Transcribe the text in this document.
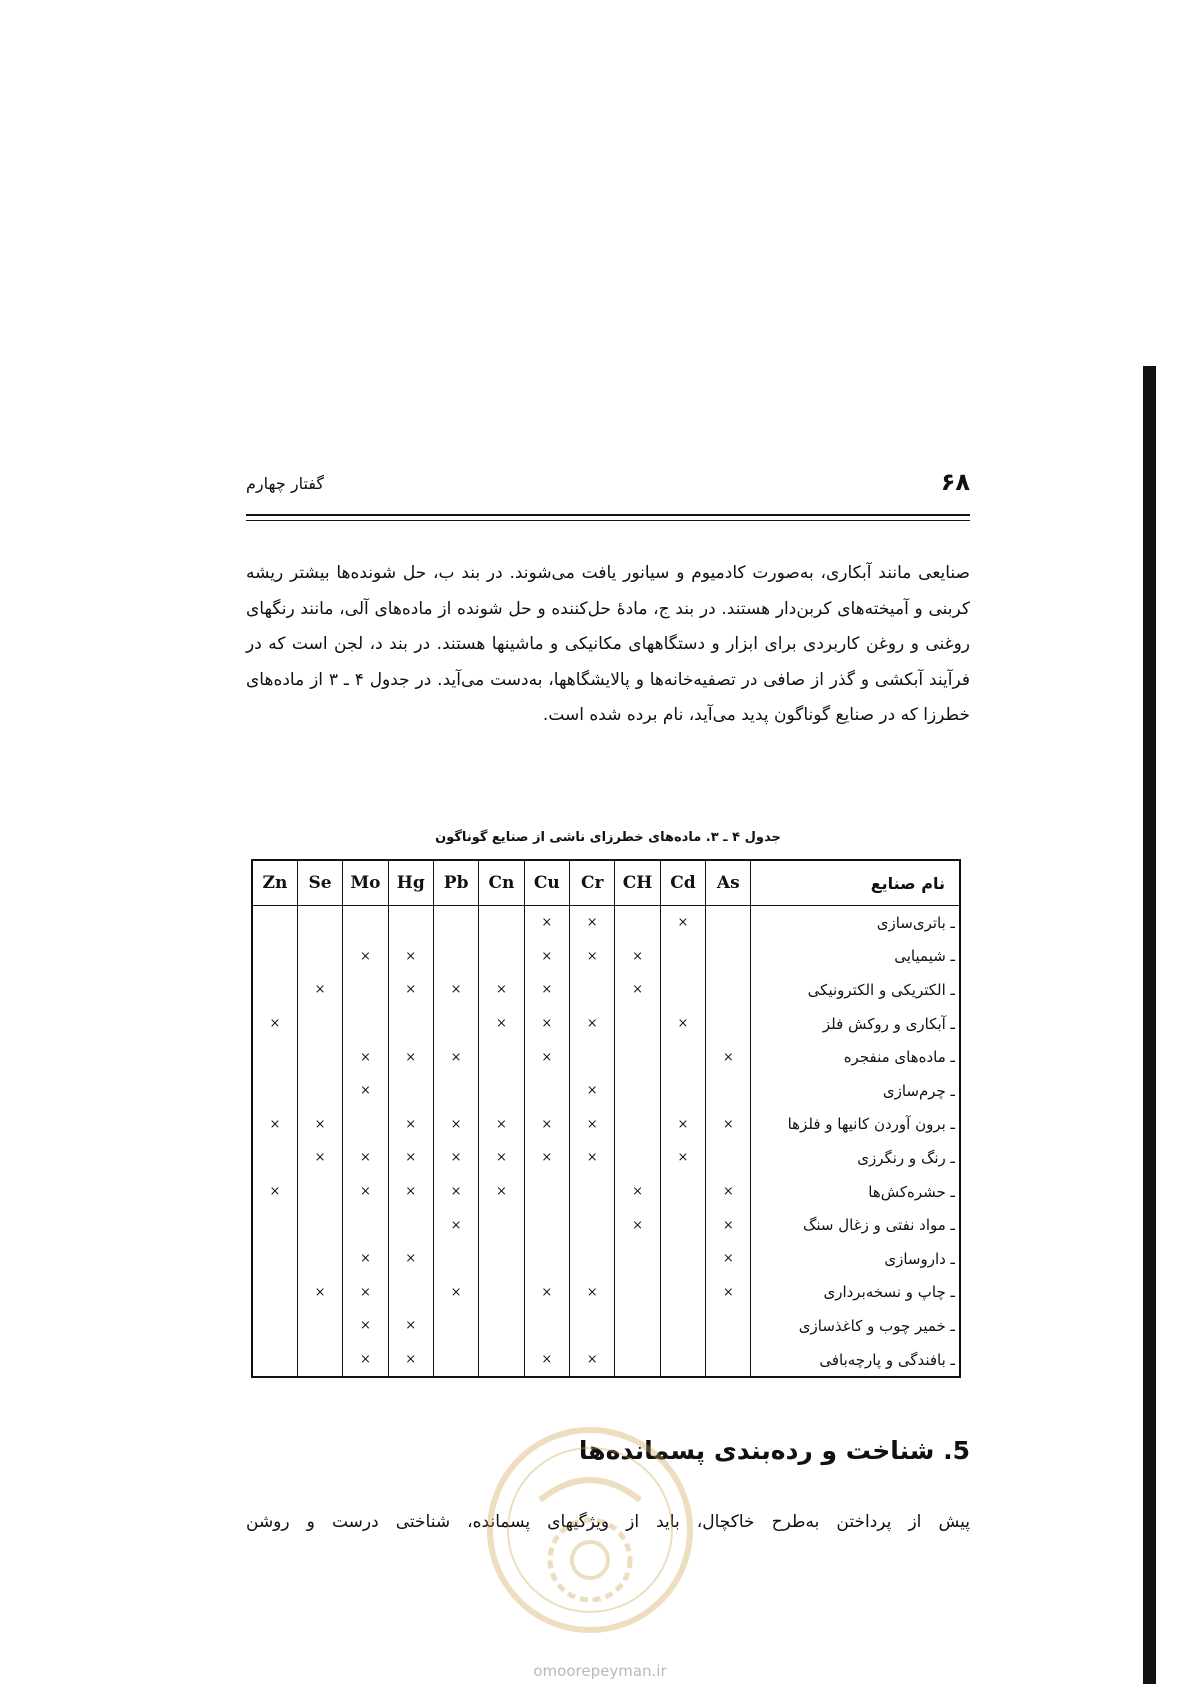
۶۸
گفتار چهارم
صنایعی مانند آبکاری، به‌صورت کادمیوم و سیانور یافت می‌شوند. در بند ب، حل شونده‌ها بیشتر ریشه کربنی و آمیخته‌های کربن‌دار هستند. در بند ج، مادهٔ حل‌کننده و حل شونده از ماده‌های آلی، مانند رنگهای روغنی و روغن کاربردی برای ابزار و دستگاههای مکانیکی و ماشینها هستند. در بند د، لجن است که در فرآیند آبکشی و گذر از صافی در تصفیه‌خانه‌ها و پالایشگاهها، به‌دست می‌آید. در جدول ۴ ـ ۳ از ماده‌های خطرزا که در صنایع گوناگون پدید می‌آید، نام برده شده است.
جدول ۴ ـ ۳. ماده‌های خطرزای ناشی از صنایع گوناگون
نام صنایع	As	Cd	CH	Cr	Cu	Cn	Pb	Hg	Mo	Se	Zn
ـ باتری‌سازی		×		×	×						
ـ شیمیایی			×	×	×			×	×		
ـ الکتریکی و الکترونیکی			×		×	×	×	×		×	
ـ آبکاری و روکش فلز		×		×	×	×					×
ـ ماده‌های منفجره	×				×		×	×	×		
ـ چرم‌سازی				×					×		
ـ برون آوردن کانیها و فلزها	×	×		×	×	×	×	×		×	×
ـ رنگ و رنگرزی		×		×	×	×	×	×	×	×	
ـ حشره‌کش‌ها	×		×			×	×	×	×		×
ـ مواد نفتی و زغال سنگ	×		×				×				
ـ داروسازی	×							×	×		
ـ چاپ و نسخه‌برداری	×			×	×		×		×	×	
ـ خمیر چوب و کاغذسازی								×	×		
ـ بافندگی و پارچه‌بافی				×	×			×	×		
5. شناخت و رده‌بندی پسمانده‌ها
پیش از پرداختن به‌طرح خاکچال، باید از ویژگیهای پسمانده، شناختی درست و روشن
omoorepeyman.ir
